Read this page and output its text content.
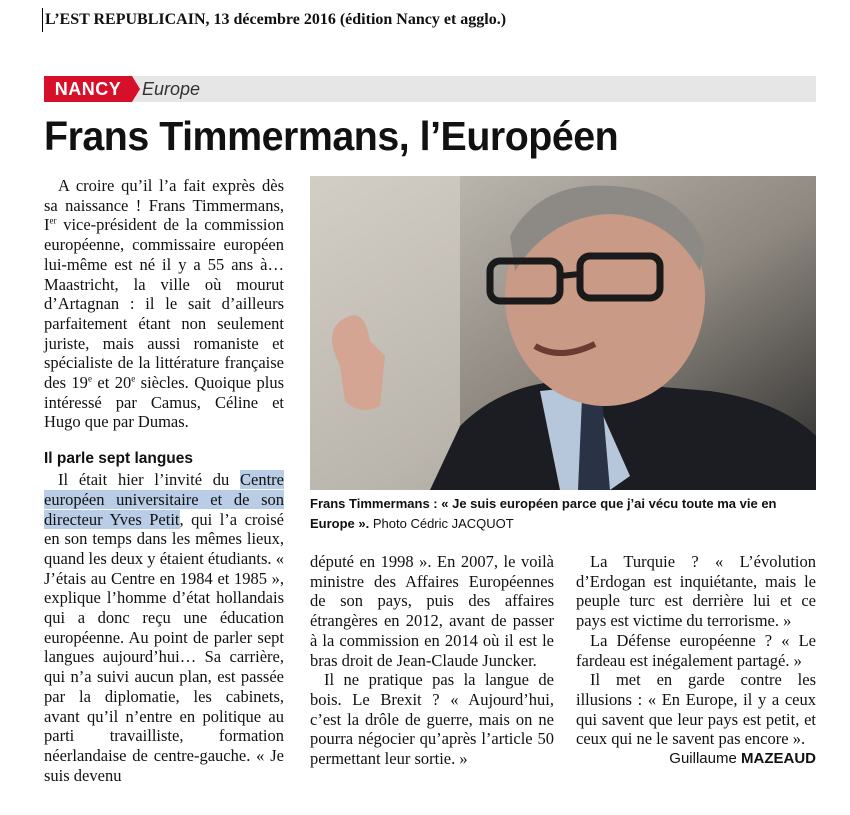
L’EST REPUBLICAIN, 13 décembre 2016 (édition Nancy et agglo.)
NANCY	Europe
Frans Timmermans, l’Européen

A croire qu’il l’a fait exprès dès sa naissance ! Frans Timmermans, Ier vice-président de la commission européenne, commissaire européen lui-même est né il y a 55 ans à… Maastricht, la ville où mourut d’Artagnan : il le sait d’ailleurs parfaitement étant non seulement juriste, mais aussi romaniste et spécialiste de la littérature française des 19e et 20e siècles. Quoique plus intéressé par Camus, Céline et Hugo que par Dumas.

Il parle sept langues

Il était hier l’invité du Centre européen universitaire et de son directeur Yves Petit, qui l’a croisé en son temps dans les mêmes lieux, quand les deux y étaient étudiants. « J’étais au Centre en 1984 et 1985 », explique l’homme d’état hollandais qui a donc reçu une éducation européenne. Au point de parler sept langues aujourd’hui… Sa carrière, qui n’a suivi aucun plan, est passée par la diplomatie, les cabinets, avant qu’il n’entre en politique au parti travailliste, formation néerlandaise de centre-gauche. « Je suis devenu

Frans Timmermans : « Je suis européen parce que j’ai vécu toute ma vie en Europe ». Photo Cédric JACQUOT

député en 1998 ». En 2007, le voilà ministre des Affaires Européennes de son pays, puis des affaires étrangères en 2012, avant de passer à la commission en 2014 où il est le bras droit de Jean-Claude Juncker.

Il ne pratique pas la langue de bois. Le Brexit ? « Aujourd’hui, c’est la drôle de guerre, mais on ne pourra négocier qu’après l’article 50 permettant leur sortie. »

La Turquie ? « L’évolution d’Erdogan est inquiétante, mais le peuple turc est derrière lui et ce pays est victime du terrorisme. »

La Défense européenne ? « Le fardeau est inégalement partagé. »

Il met en garde contre les illusions : « En Europe, il y a ceux qui savent que leur pays est petit, et ceux qui ne le savent pas encore ».

Guillaume MAZEAUD
